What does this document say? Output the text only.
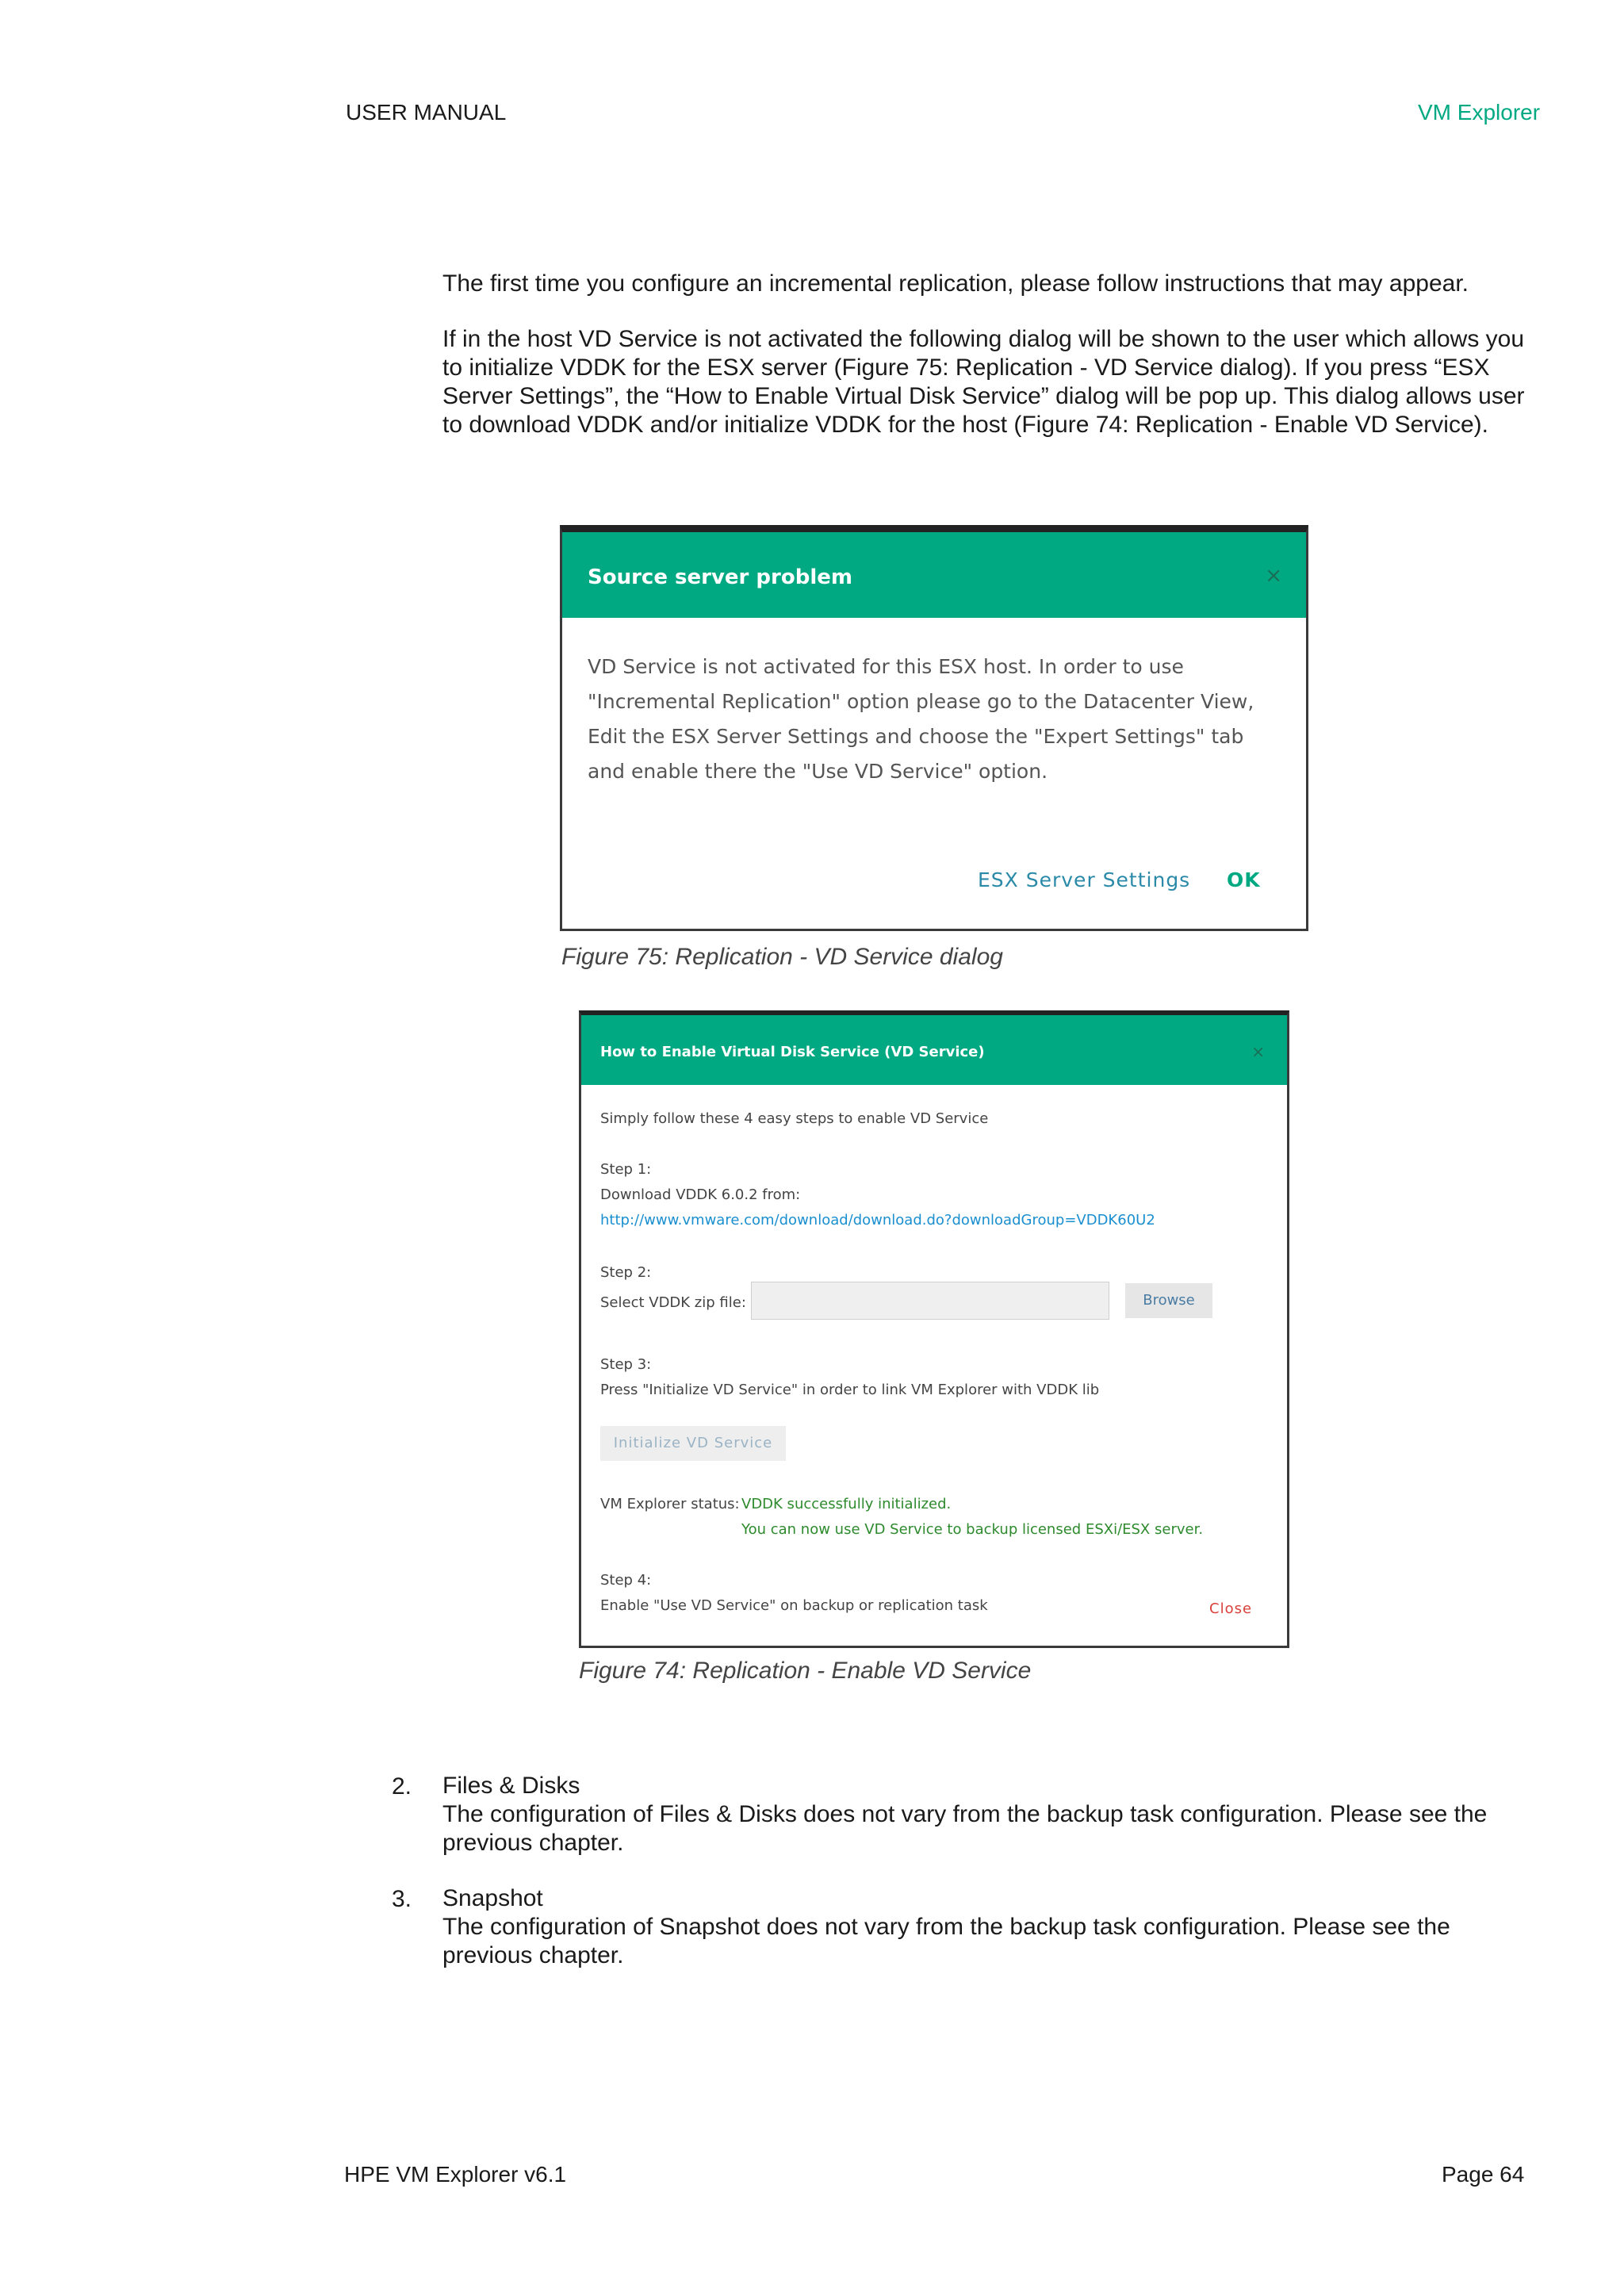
USER MANUAL	VM Explorer

The first time you configure an incremental replication, please follow instructions that may appear.

If in the host VD Service is not activated the following dialog will be shown to the user which allows you to initialize VDDK for the ESX server (Figure 75: Replication - VD Service dialog). If you press “ESX Server Settings”, the “How to Enable Virtual Disk Service” dialog will be pop up. This dialog allows user to download VDDK and/or initialize VDDK for the host (Figure 74: Replication - Enable VD Service).

Source server problem	×
VD Service is not activated for this ESX host. In order to use "Incremental Replication" option please go to the Datacenter View, Edit the ESX Server Settings and choose the "Expert Settings" tab and enable there the "Use VD Service" option.
ESX Server Settings OK
Figure 75: Replication - VD Service dialog
How to Enable Virtual Disk Service (VD Service)	×
Simply follow these 4 easy steps to enable VD Service
Step 1:
Download VDDK 6.0.2 from:
http://www.vmware.com/download/download.do?downloadGroup=VDDK60U2
Step 2:
Select VDDK zip file:	Browse
Step 3:
Press "Initialize VD Service" in order to link VM Explorer with VDDK lib
Initialize VD Service
VM Explorer status: VDDK successfully initialized.
You can now use VD Service to backup licensed ESXi/ESX server.
Step 4:
Enable "Use VD Service" on backup or replication task	Close
Figure 74: Replication - Enable VD Service
2. Files & Disks
The configuration of Files & Disks does not vary from the backup task configuration. Please see the previous chapter.
3. Snapshot
The configuration of Snapshot does not vary from the backup task configuration. Please see the previous chapter.
HPE VM Explorer v6.1	Page 64
